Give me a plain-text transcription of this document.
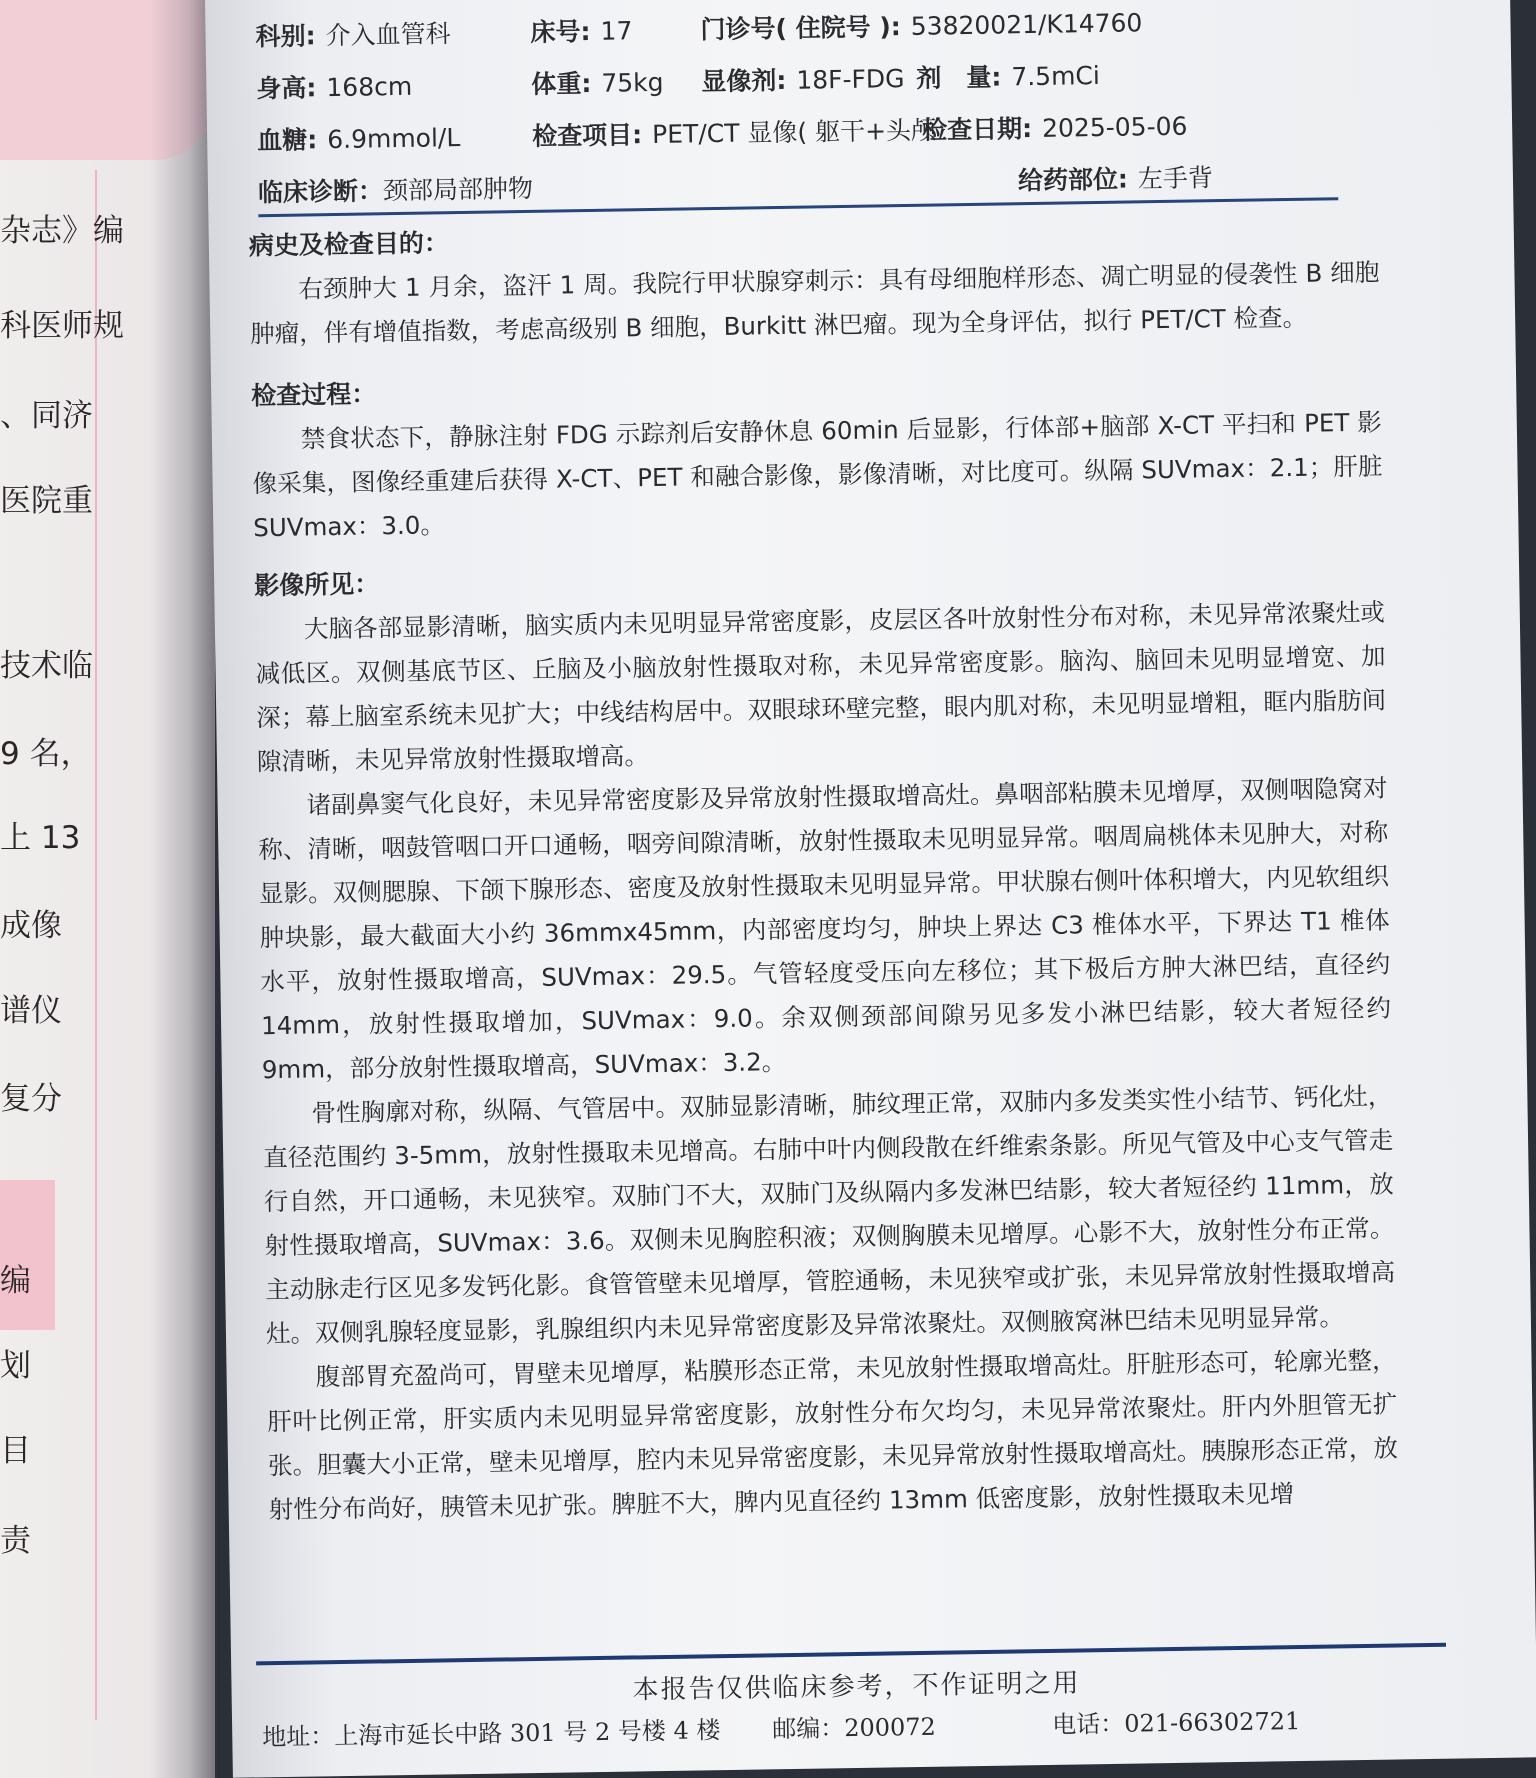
杂志》编
科医师规
、同济
医院重
技术临
9 名，
上 13
成像
谱仪
复分
编
划
目
责
科别: 介入血管科	床号: 17	门诊号( 住院号 ): 53820021/K14760
身高: 168cm	体重: 75kg 显像剂: 18F-FDG 剂　量: 7.5mCi
血糖: 6.9mmol/L	检查项目: PET/CT 显像( 躯干+头颅
检查日期: 2025-05-06
临床诊断：颈部局部肿物	给药部位: 左手背
病史及检查目的：

右颈肿大 1 月余，盗汗 1 周。我院行甲状腺穿刺示：具有母细胞样形态、凋亡明显的侵袭性 B 细胞肿瘤，伴有增值指数，考虑高级别 B 细胞，Burkitt 淋巴瘤。现为全身评估，拟行 PET/CT 检查。

检查过程：

禁食状态下，静脉注射 FDG 示踪剂后安静休息 60min 后显影，行体部+脑部 X-CT 平扫和 PET 影像采集，图像经重建后获得 X-CT、PET 和融合影像，影像清晰，对比度可。纵隔 SUVmax：2.1；肝脏 SUVmax：3.0。

影像所见：

大脑各部显影清晰，脑实质内未见明显异常密度影，皮层区各叶放射性分布对称，未见异常浓聚灶或减低区。双侧基底节区、丘脑及小脑放射性摄取对称，未见异常密度影。脑沟、脑回未见明显增宽、加深；幕上脑室系统未见扩大；中线结构居中。双眼球环壁完整，眼内肌对称，未见明显增粗，眶内脂肪间隙清晰，未见异常放射性摄取增高。

诸副鼻窦气化良好，未见异常密度影及异常放射性摄取增高灶。鼻咽部粘膜未见增厚，双侧咽隐窝对称、清晰，咽鼓管咽口开口通畅，咽旁间隙清晰，放射性摄取未见明显异常。咽周扁桃体未见肿大，对称显影。双侧腮腺、下颌下腺形态、密度及放射性摄取未见明显异常。甲状腺右侧叶体积增大，内见软组织肿块影，最大截面大小约 36mmx45mm，内部密度均匀，肿块上界达 C3 椎体水平，下界达 T1 椎体水平，放射性摄取增高，SUVmax：29.5。气管轻度受压向左移位；其下极后方肿大淋巴结，直径约 14mm，放射性摄取增加，SUVmax：9.0。余双侧颈部间隙另见多发小淋巴结影，较大者短径约 9mm，部分放射性摄取增高，SUVmax：3.2。

骨性胸廓对称，纵隔、气管居中。双肺显影清晰，肺纹理正常，双肺内多发类实性小结节、钙化灶，直径范围约 3-5mm，放射性摄取未见增高。右肺中叶内侧段散在纤维索条影。所见气管及中心支气管走行自然，开口通畅，未见狭窄。双肺门不大，双肺门及纵隔内多发淋巴结影，较大者短径约 11mm，放射性摄取增高，SUVmax：3.6。双侧未见胸腔积液；双侧胸膜未见增厚。心影不大，放射性分布正常。主动脉走行区见多发钙化影。食管管壁未见增厚，管腔通畅，未见狭窄或扩张，未见异常放射性摄取增高灶。双侧乳腺轻度显影，乳腺组织内未见异常密度影及异常浓聚灶。双侧腋窝淋巴结未见明显异常。

腹部胃充盈尚可，胃壁未见增厚，粘膜形态正常，未见放射性摄取增高灶。肝脏形态可，轮廓光整，肝叶比例正常，肝实质内未见明显异常密度影，放射性分布欠均匀，未见异常浓聚灶。肝内外胆管无扩张。胆囊大小正常，壁未见增厚，腔内未见异常密度影，未见异常放射性摄取增高灶。胰腺形态正常，放射性分布尚好，胰管未见扩张。脾脏不大，脾内见直径约 13mm 低密度影，放射性摄取未见增

本报告仅供临床参考，不作证明之用
地址：上海市延长中路 301 号 2 号楼 4 楼 邮编：200072	电话：021-66302721
